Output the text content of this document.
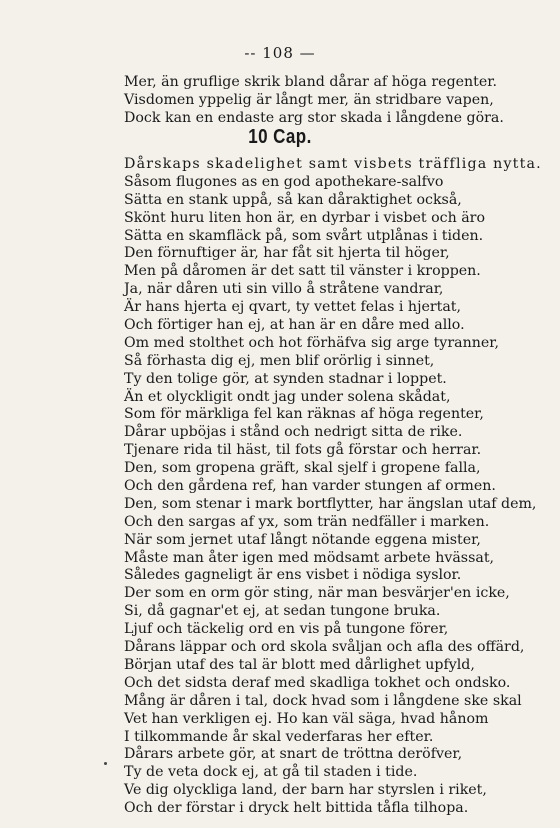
-- 108 —
Mer, än gruflige skrik bland dårar af höga regenter.
Visdomen yppelig är långt mer, än stridbare vapen,
Dock kan en endaste arg stor skada i långdene göra.
10 Cap.
Dårskaps skadelighet samt visbets träffliga nytta.
Såsom flugones as en god apothekare-salfvo
Sätta en stank uppå, så kan dåraktighet också,
Skönt huru liten hon är, en dyrbar i visbet och äro
Sätta en skamfläck på, som svårt utplånas i tiden.
Den förnuftiger är, har fåt sit hjerta til höger,
Men på dåromen är det satt til vänster i kroppen.
Ja, när dåren uti sin villo å stråtene vandrar,
Är hans hjerta ej qvart, ty vettet felas i hjertat,
Och förtiger han ej, at han är en dåre med allo.
Om med stolthet och hot förhäfva sig arge tyranner,
Så förhasta dig ej, men blif orörlig i sinnet,
Ty den tolige gör, at synden stadnar i loppet.
Än et olyckligit ondt jag under solena skådat,
Som för märkliga fel kan räknas af höga regenter,
Dårar upböjas i stånd och nedrigt sitta de rike.
Tjenare rida til häst, til fots gå förstar och herrar.
Den, som gropena gräft, skal sjelf i gropene falla,
Och den gårdena ref, han varder stungen af ormen.
Den, som stenar i mark bortflytter, har ängslan utaf dem,
Och den sargas af yx, som trän nedfäller i marken.
När som jernet utaf långt nötande eggena mister,
Måste man åter igen med mödsamt arbete hvässat,
Således gagneligt är ens visbet i nödiga syslor.
Der som en orm gör sting, när man besvärjer'en icke,
Si, då gagnar'et ej, at sedan tungone bruka.
Ljuf och täckelig ord en vis på tungone förer,
Dårans läppar och ord skola svåljan och afla des offärd,
Början utaf des tal är blott med dårlighet upfyld,
Och det sidsta deraf med skadliga tokhet och ondsko.
Mång är dåren i tal, dock hvad som i långdene ske skal
Vet han verkligen ej. Ho kan väl säga, hvad hånom
I tilkommande år skal vederfaras her efter.
Dårars arbete gör, at snart de tröttna deröfver,
Ty de veta dock ej, at gå til staden i tide.
Ve dig olyckliga land, der barn har styrslen i riket,
Och der förstar i dryck helt bittida tåfla tilhopa.
